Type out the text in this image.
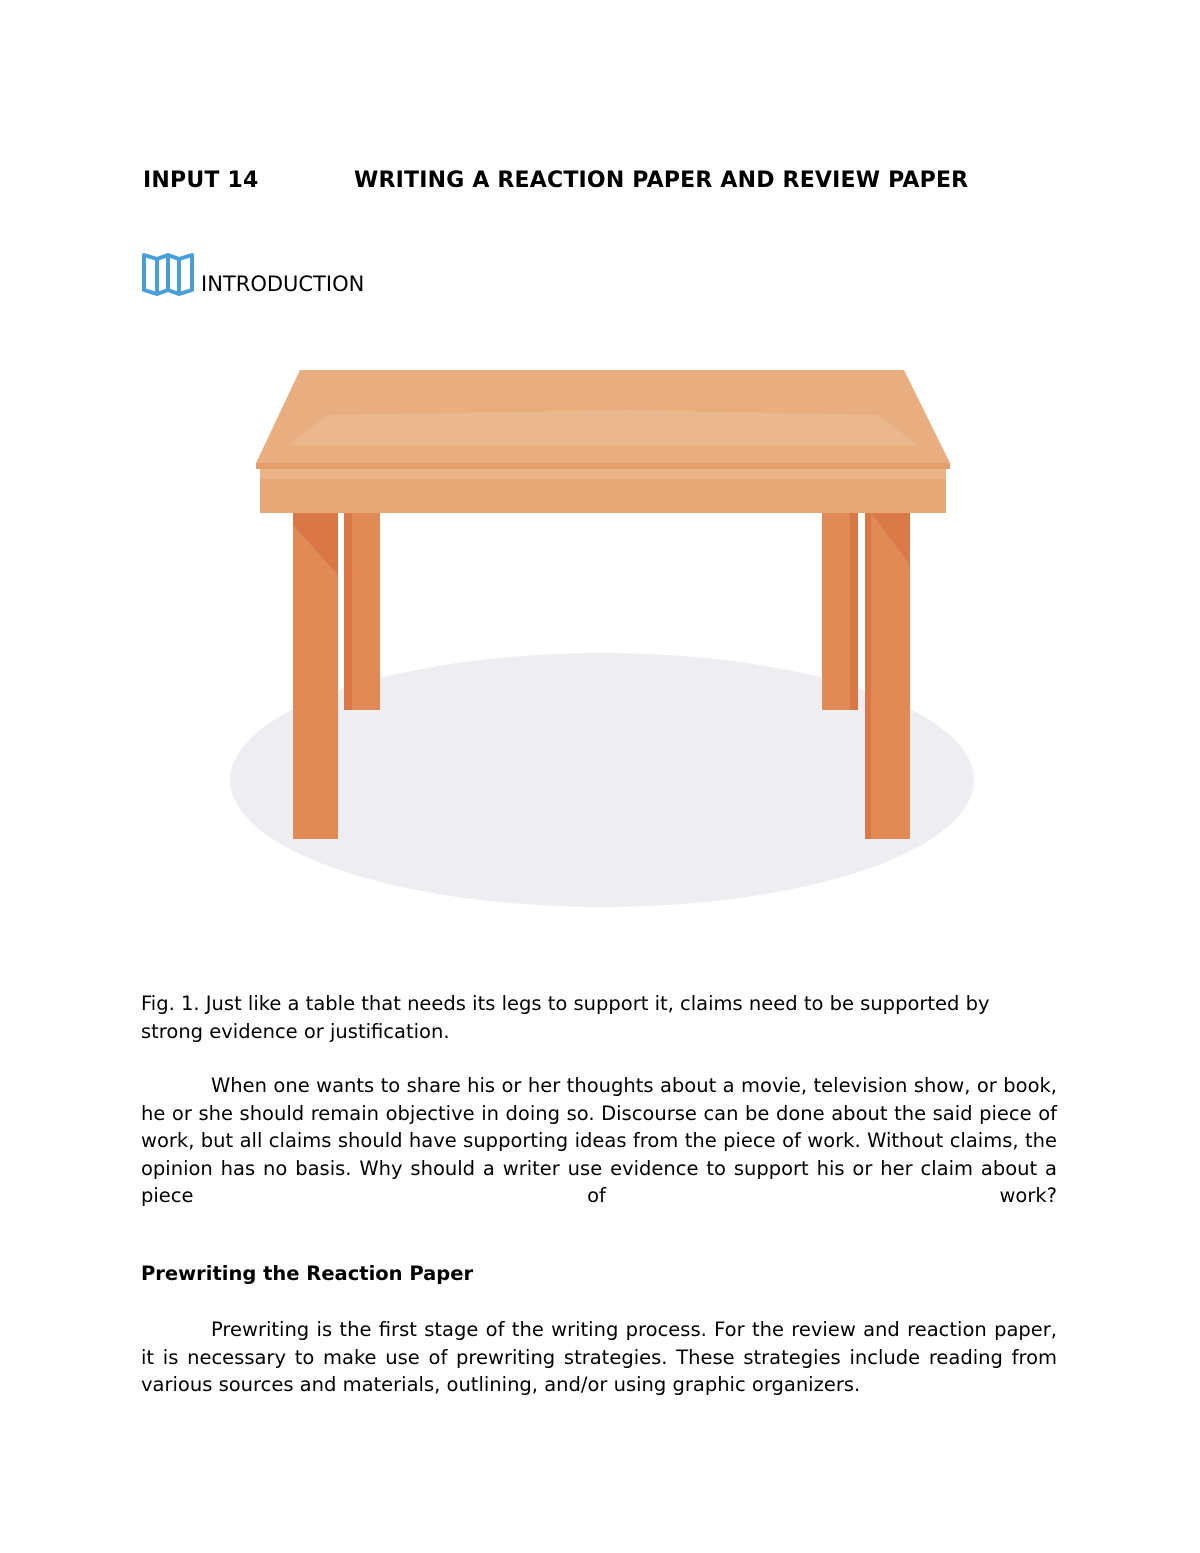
INPUT 14	WRITING A REACTION PAPER AND REVIEW PAPER
INTRODUCTION
Fig. 1. Just like a table that needs its legs to support it, claims need to be supported by strong evidence or justification.
When one wants to share his or her thoughts about a movie, television show, or book, he or she should remain objective in doing so. Discourse can be done about the said piece of work, but all claims should have supporting ideas from the piece of work. Without claims, the opinion has no basis. Why should a writer use evidence to support his or her claim about a piece of work?
Prewriting the Reaction Paper
Prewriting is the first stage of the writing process. For the review and reaction paper, it is necessary to make use of prewriting strategies. These strategies include reading from various sources and materials, outlining, and/or using graphic organizers.
